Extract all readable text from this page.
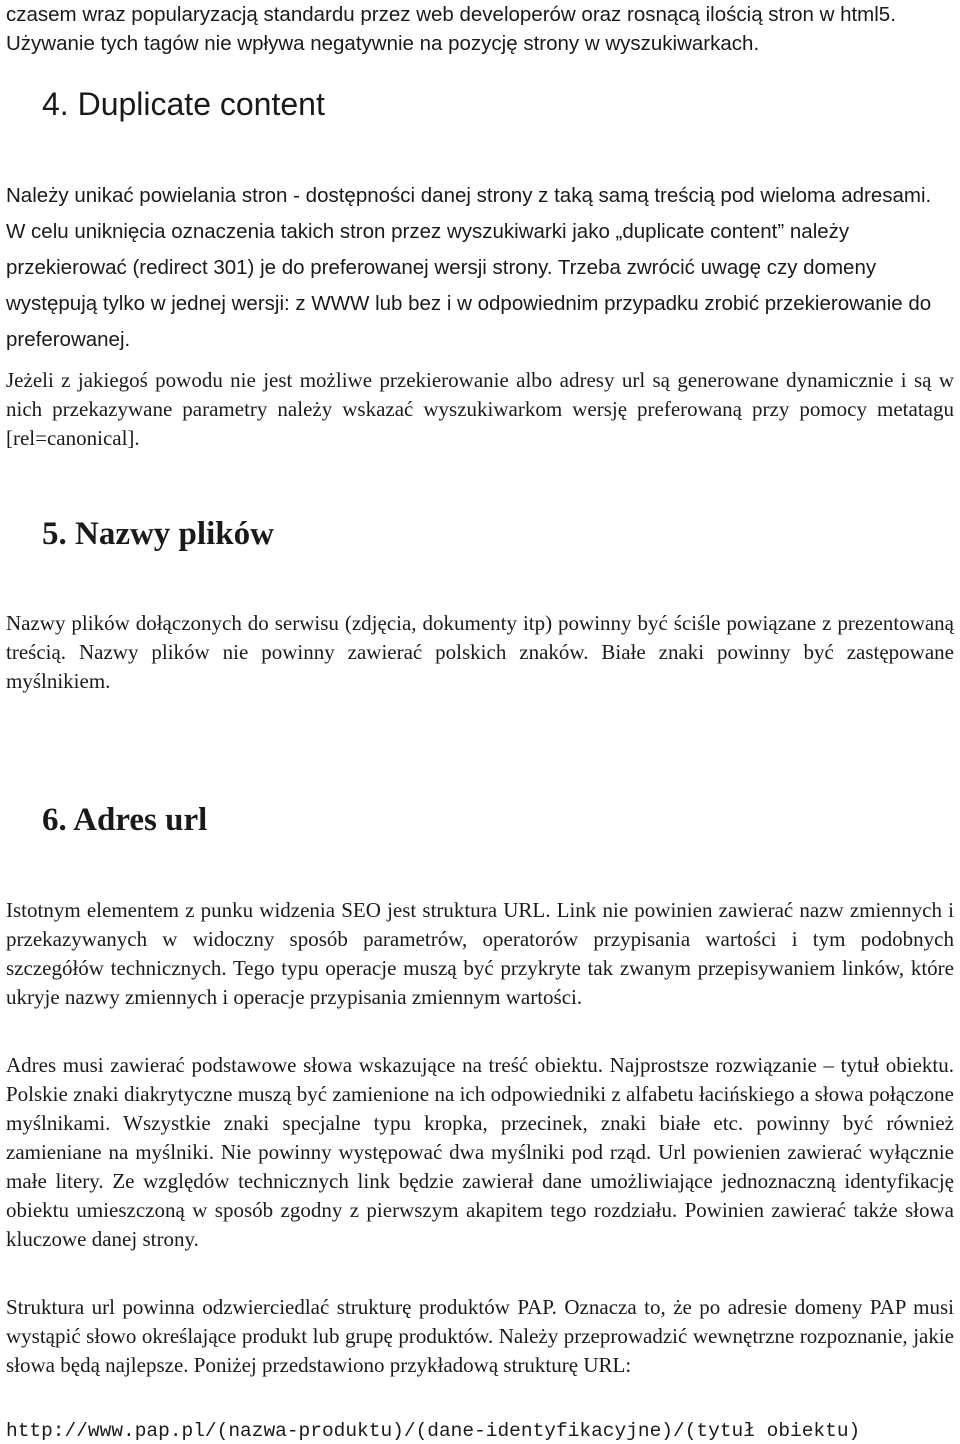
czasem wraz popularyzacją standardu przez web developerów oraz rosnącą ilością stron w html5. Używanie tych tagów nie wpływa negatywnie na pozycję strony w wyszukiwarkach.

4. Duplicate content

Należy unikać powielania stron - dostępności danej strony z taką samą treścią pod wieloma adresami. W celu uniknięcia oznaczenia takich stron przez wyszukiwarki jako „duplicate content” należy przekierować (redirect 301) je do preferowanej wersji strony. Trzeba zwrócić uwagę czy domeny występują tylko w jednej wersji: z WWW lub bez i w odpowiednim przypadku zrobić przekierowanie do preferowanej.

Jeżeli z jakiegoś powodu nie jest możliwe przekierowanie albo adresy url są generowane dynamicznie i są w nich przekazywane parametry należy wskazać wyszukiwarkom wersję preferowaną przy pomocy metatagu [rel=canonical].

5. Nazwy plików

Nazwy plików dołączonych do serwisu (zdjęcia, dokumenty itp) powinny być ściśle powiązane z prezentowaną treścią. Nazwy plików nie powinny zawierać polskich znaków. Białe znaki powinny być zastępowane myślnikiem.

6. Adres url

Istotnym elementem z punku widzenia SEO jest struktura URL. Link nie powinien zawierać nazw zmiennych i przekazywanych w widoczny sposób parametrów, operatorów przypisania wartości i tym podobnych szczegółów technicznych. Tego typu operacje muszą być przykryte tak zwanym przepisywaniem linków, które ukryje nazwy zmiennych i operacje przypisania zmiennym wartości.

Adres musi zawierać podstawowe słowa wskazujące na treść obiektu. Najprostsze rozwiązanie – tytuł obiektu. Polskie znaki diakrytyczne muszą być zamienione na ich odpowiedniki z alfabetu łacińskiego a słowa połączone myślnikami. Wszystkie znaki specjalne typu kropka, przecinek, znaki białe etc. powinny być również zamieniane na myślniki. Nie powinny występować dwa myślniki pod rząd. Url powienien zawierać wyłącznie małe litery. Ze względów technicznych link będzie zawierał dane umożliwiające jednoznaczną identyfikację obiektu umieszczoną w sposób zgodny z pierwszym akapitem tego rozdziału. Powinien zawierać także słowa kluczowe danej strony.

Struktura url powinna odzwierciedlać strukturę produktów PAP. Oznacza to, że po adresie domeny PAP musi wystąpić słowo określające produkt lub grupę produktów. Należy przeprowadzić wewnętrzne rozpoznanie, jakie słowa będą najlepsze. Poniżej przedstawiono przykładową strukturę URL:

http://www.pap.pl/(nazwa-produktu)/(dane-identyfikacyjne)/(tytuł obiektu)
